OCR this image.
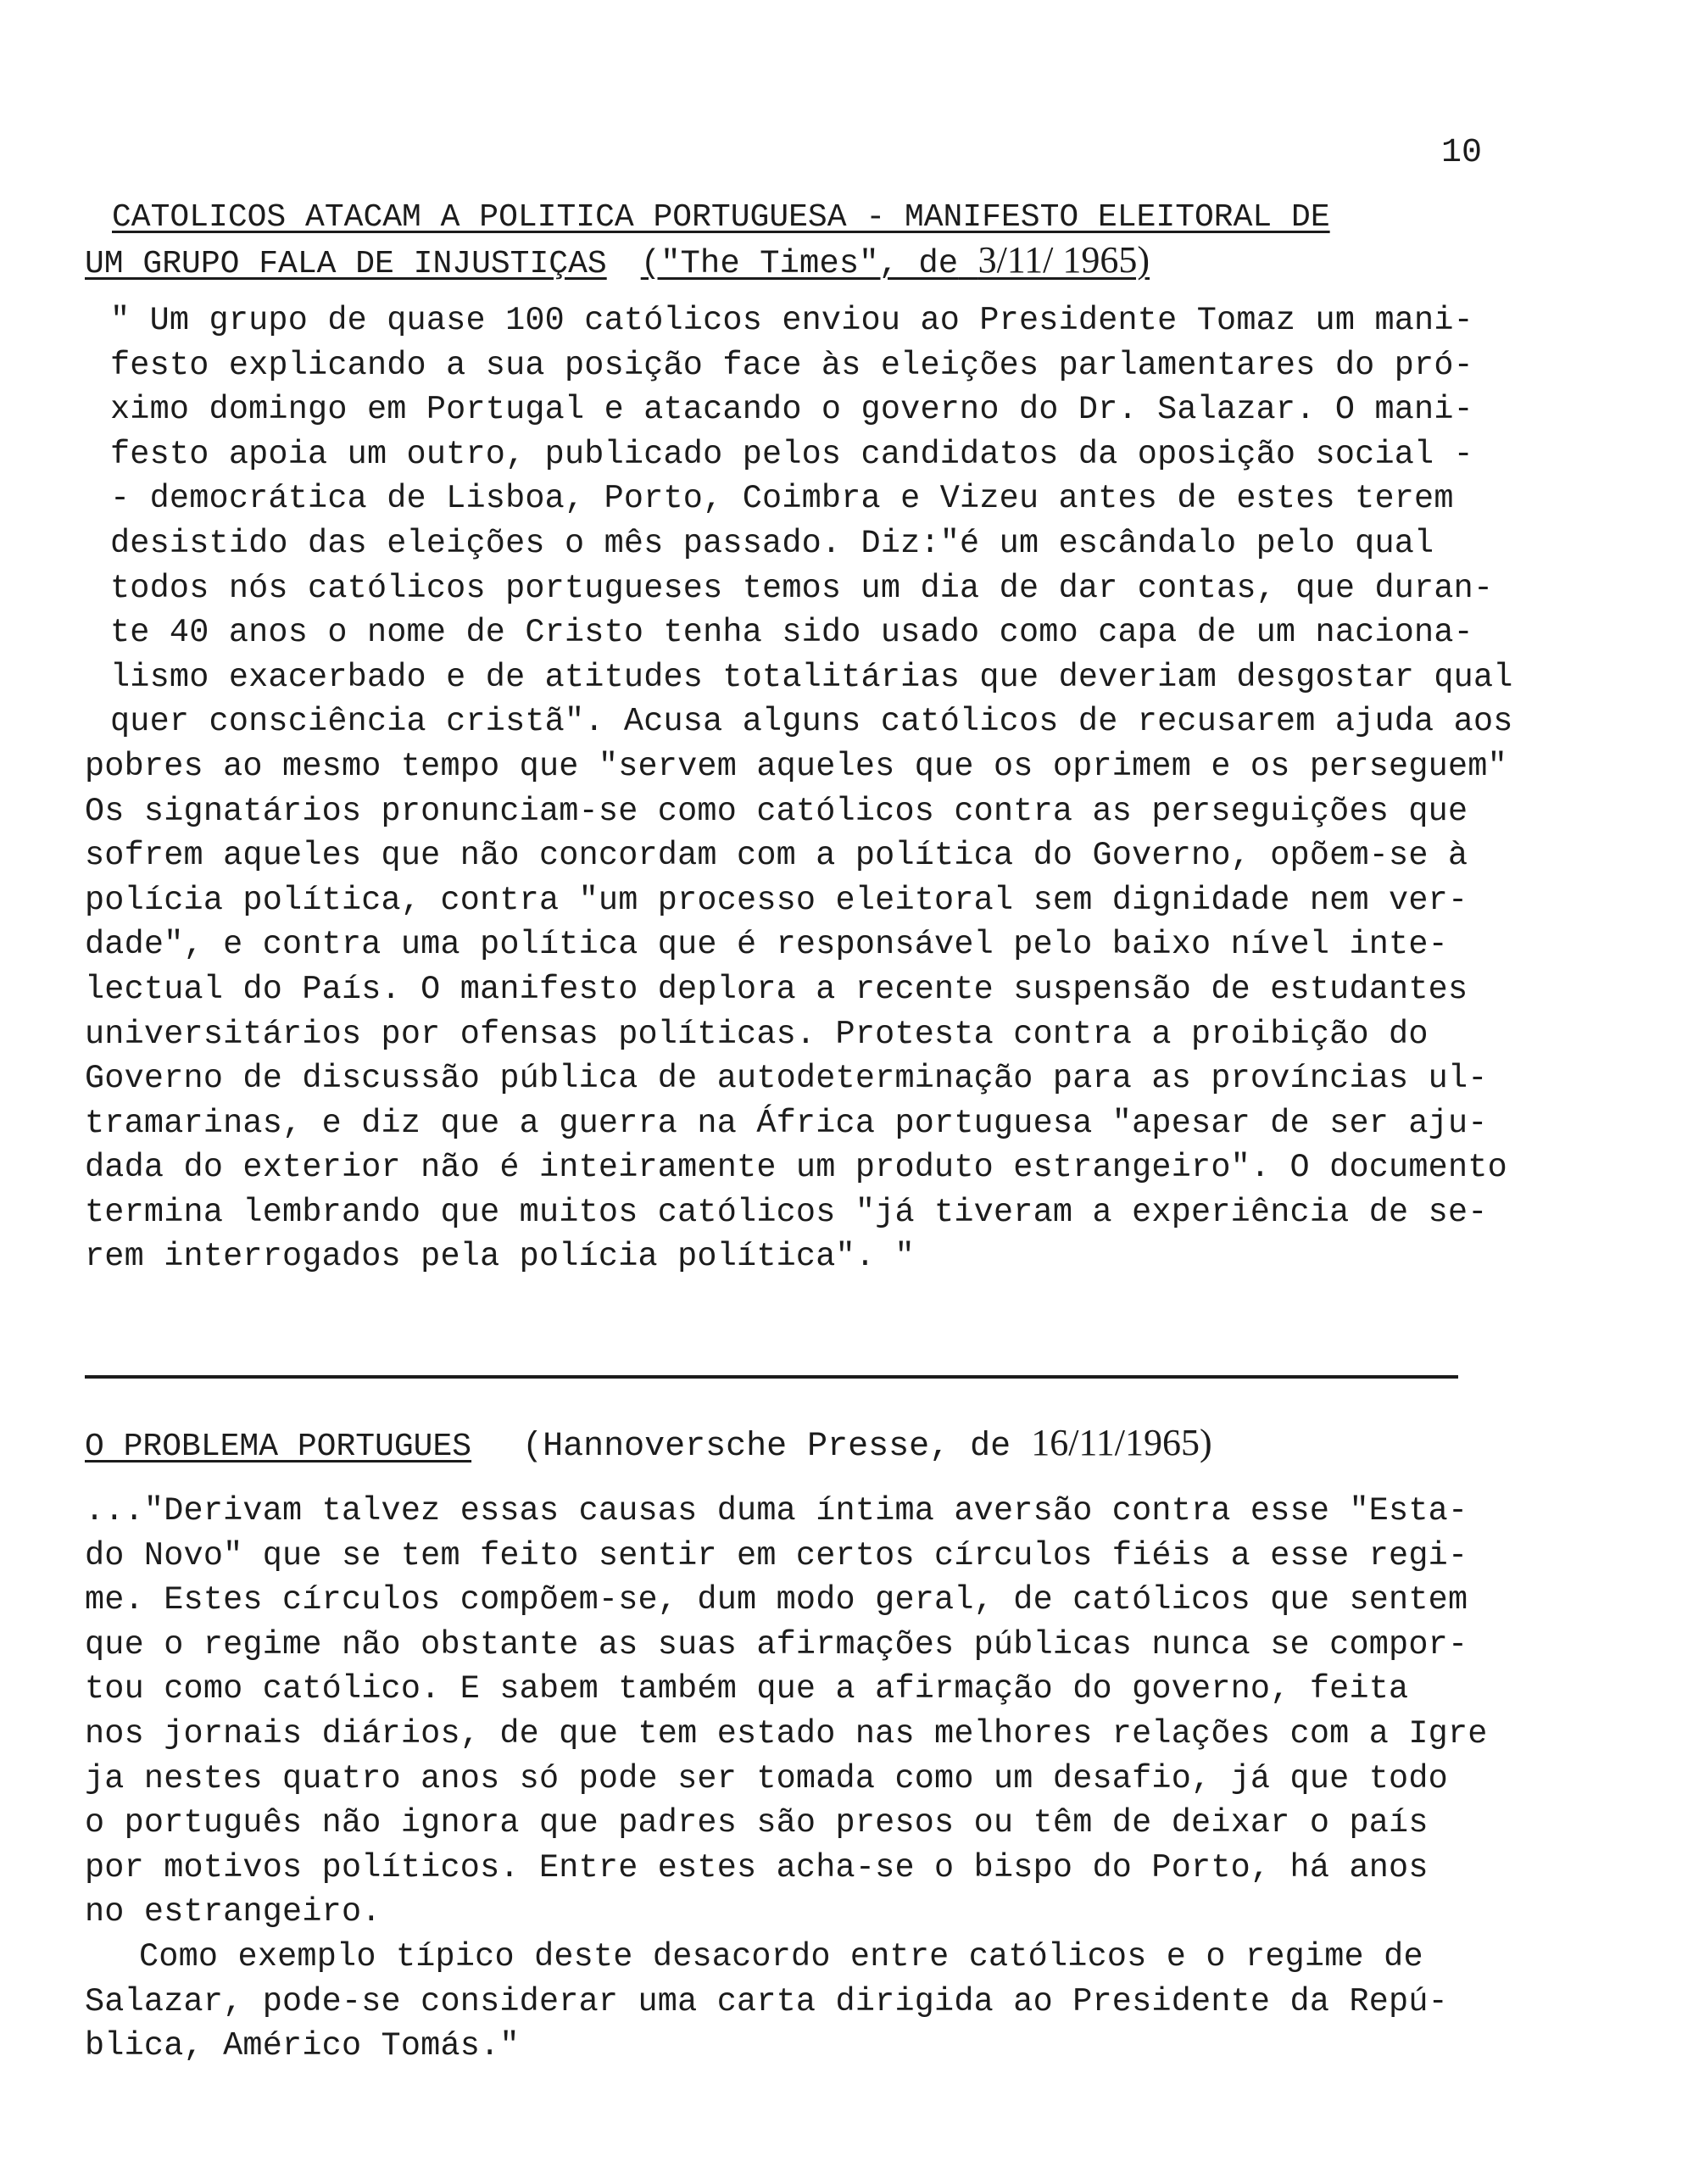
10
CATOLICOS ATACAM A POLITICA PORTUGUESA - MANIFESTO ELEITORAL DE
UM GRUPO FALA DE INJUSTIÇAS ("The Times", de 3/11/ 1965)
" Um grupo de quase 100 católicos enviou ao Presidente Tomaz um mani-
festo explicando a sua posição face às eleições parlamentares do pró-
ximo domingo em Portugal e atacando o governo do Dr. Salazar. O mani-
festo apoia um outro, publicado pelos candidatos da oposição social -
- democrática de Lisboa, Porto, Coimbra e Vizeu antes de estes terem
desistido das eleições o mês passado. Diz:"é um escândalo pelo qual
todos nós católicos portugueses temos um dia de dar contas, que duran-
te 40 anos o nome de Cristo tenha sido usado como capa de um naciona-
lismo exacerbado e de atitudes totalitárias que deveriam desgostar qual
quer consciência cristã". Acusa alguns católicos de recusarem ajuda aos
pobres ao mesmo tempo que "servem aqueles que os oprimem e os perseguem"
Os signatários pronunciam-se como católicos contra as perseguições que
sofrem aqueles que não concordam com a política do Governo, opõem-se à
polícia política, contra "um processo eleitoral sem dignidade nem ver-
dade", e contra uma política que é responsável pelo baixo nível inte-
lectual do País. O manifesto deplora a recente suspensão de estudantes
universitários por ofensas políticas. Protesta contra a proibição do
Governo de discussão pública de autodeterminação para as províncias ul-
tramarinas, e diz que a guerra na África portuguesa "apesar de ser aju-
dada do exterior não é inteiramente um produto estrangeiro". O documento
termina lembrando que muitos católicos "já tiveram a experiência de se-
rem interrogados pela polícia política". "
O PROBLEMA PORTUGUES (Hannoversche Presse, de 16/11/1965)
..."Derivam talvez essas causas duma íntima aversão contra esse "Esta-
do Novo" que se tem feito sentir em certos círculos fiéis a esse regi-
me. Estes círculos compõem-se, dum modo geral, de católicos que sentem
que o regime não obstante as suas afirmações públicas nunca se compor-
tou como católico. E sabem também que a afirmação do governo, feita
nos jornais diários, de que tem estado nas melhores relações com a Igre
ja nestes quatro anos só pode ser tomada como um desafio, já que todo
o português não ignora que padres são presos ou têm de deixar o país
por motivos políticos. Entre estes acha-se o bispo do Porto, há anos
no estrangeiro.
Como exemplo típico deste desacordo entre católicos e o regime de
Salazar, pode-se considerar uma carta dirigida ao Presidente da Repú-
blica, Américo Tomás."
